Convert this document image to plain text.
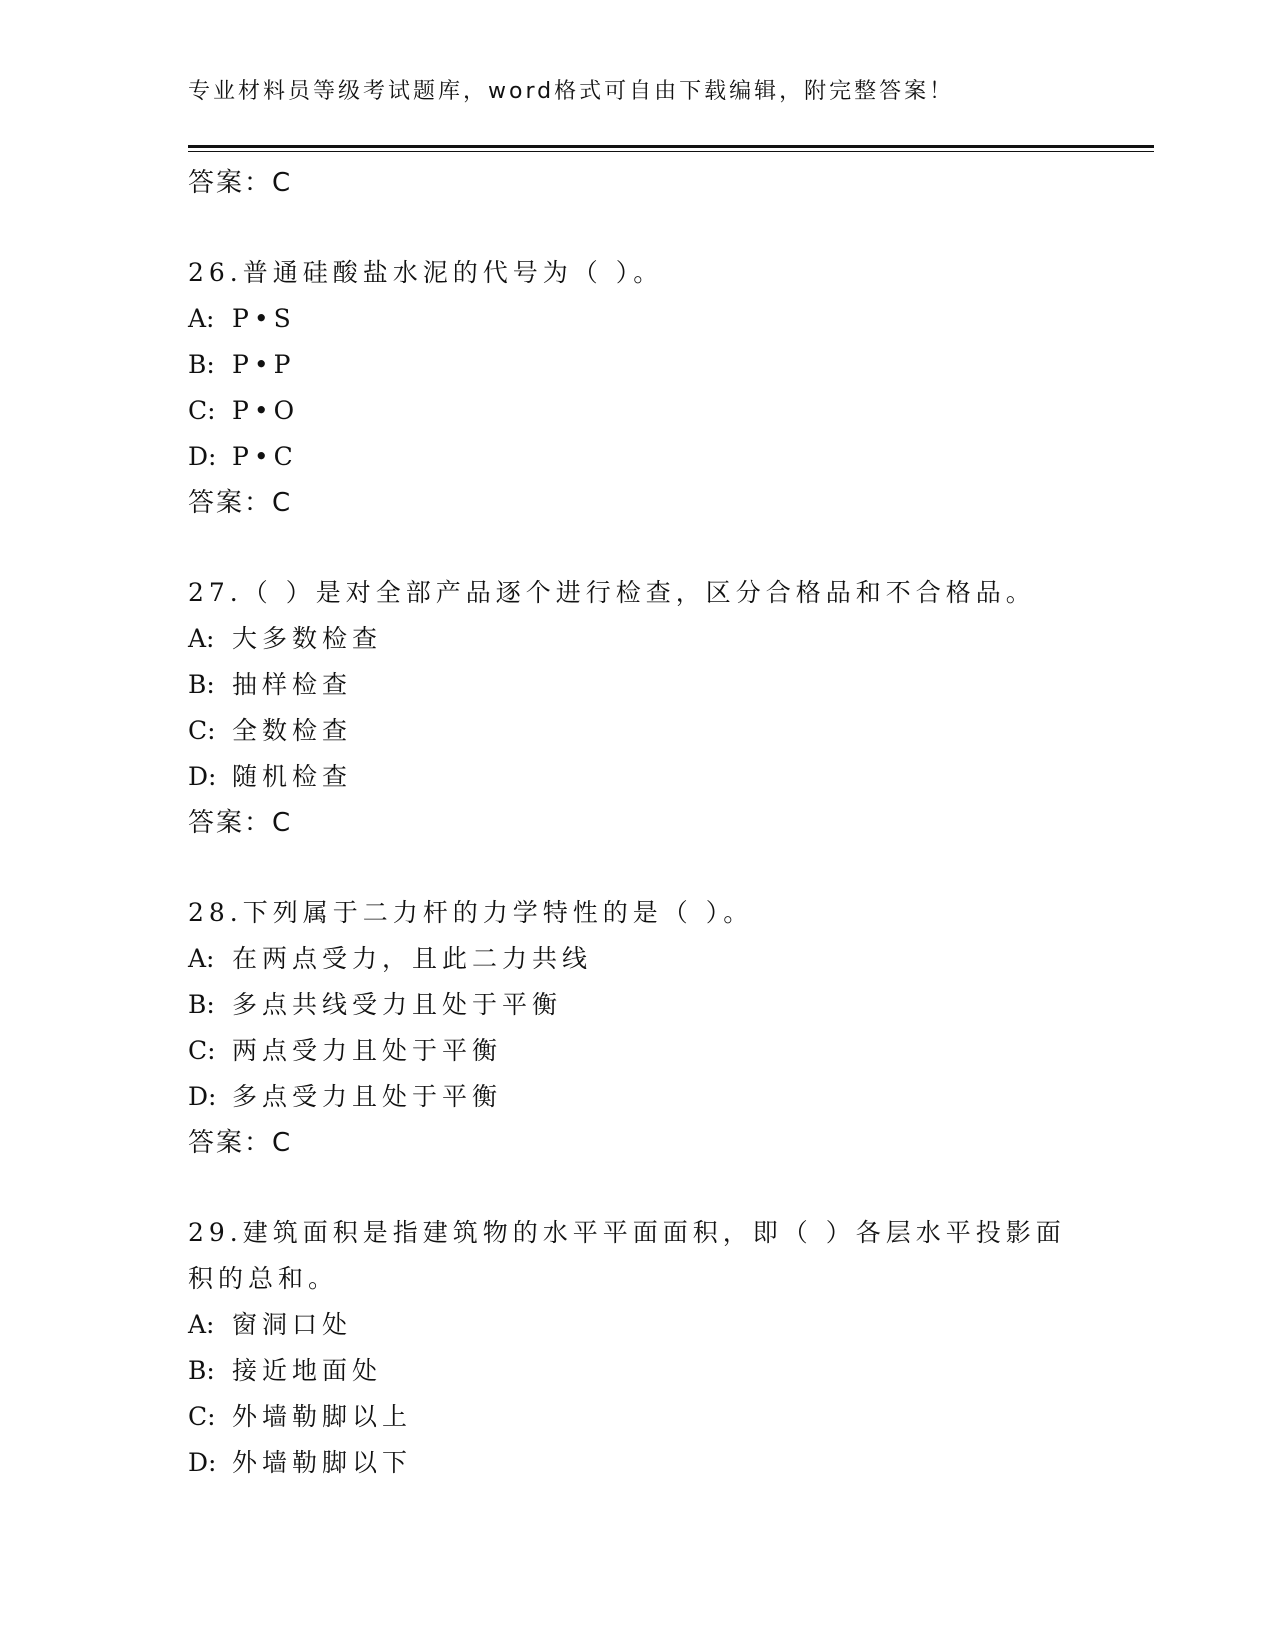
专业材料员等级考试题库，word格式可自由下载编辑，附完整答案！
答案：C
26.普通硅酸盐水泥的代号为（ ）。
A: P•S
B: P•P
C: P•O
D: P•C
答案：C
27.（ ）是对全部产品逐个进行检查，区分合格品和不合格品。
A: 大多数检查
B: 抽样检查
C: 全数检查
D: 随机检查
答案：C
28.下列属于二力杆的力学特性的是（ ）。
A: 在两点受力，且此二力共线
B: 多点共线受力且处于平衡
C: 两点受力且处于平衡
D: 多点受力且处于平衡
答案：C
29.建筑面积是指建筑物的水平平面面积，即（ ）各层水平投影面积的总和。
A: 窗洞口处
B: 接近地面处
C: 外墙勒脚以上
D: 外墙勒脚以下
